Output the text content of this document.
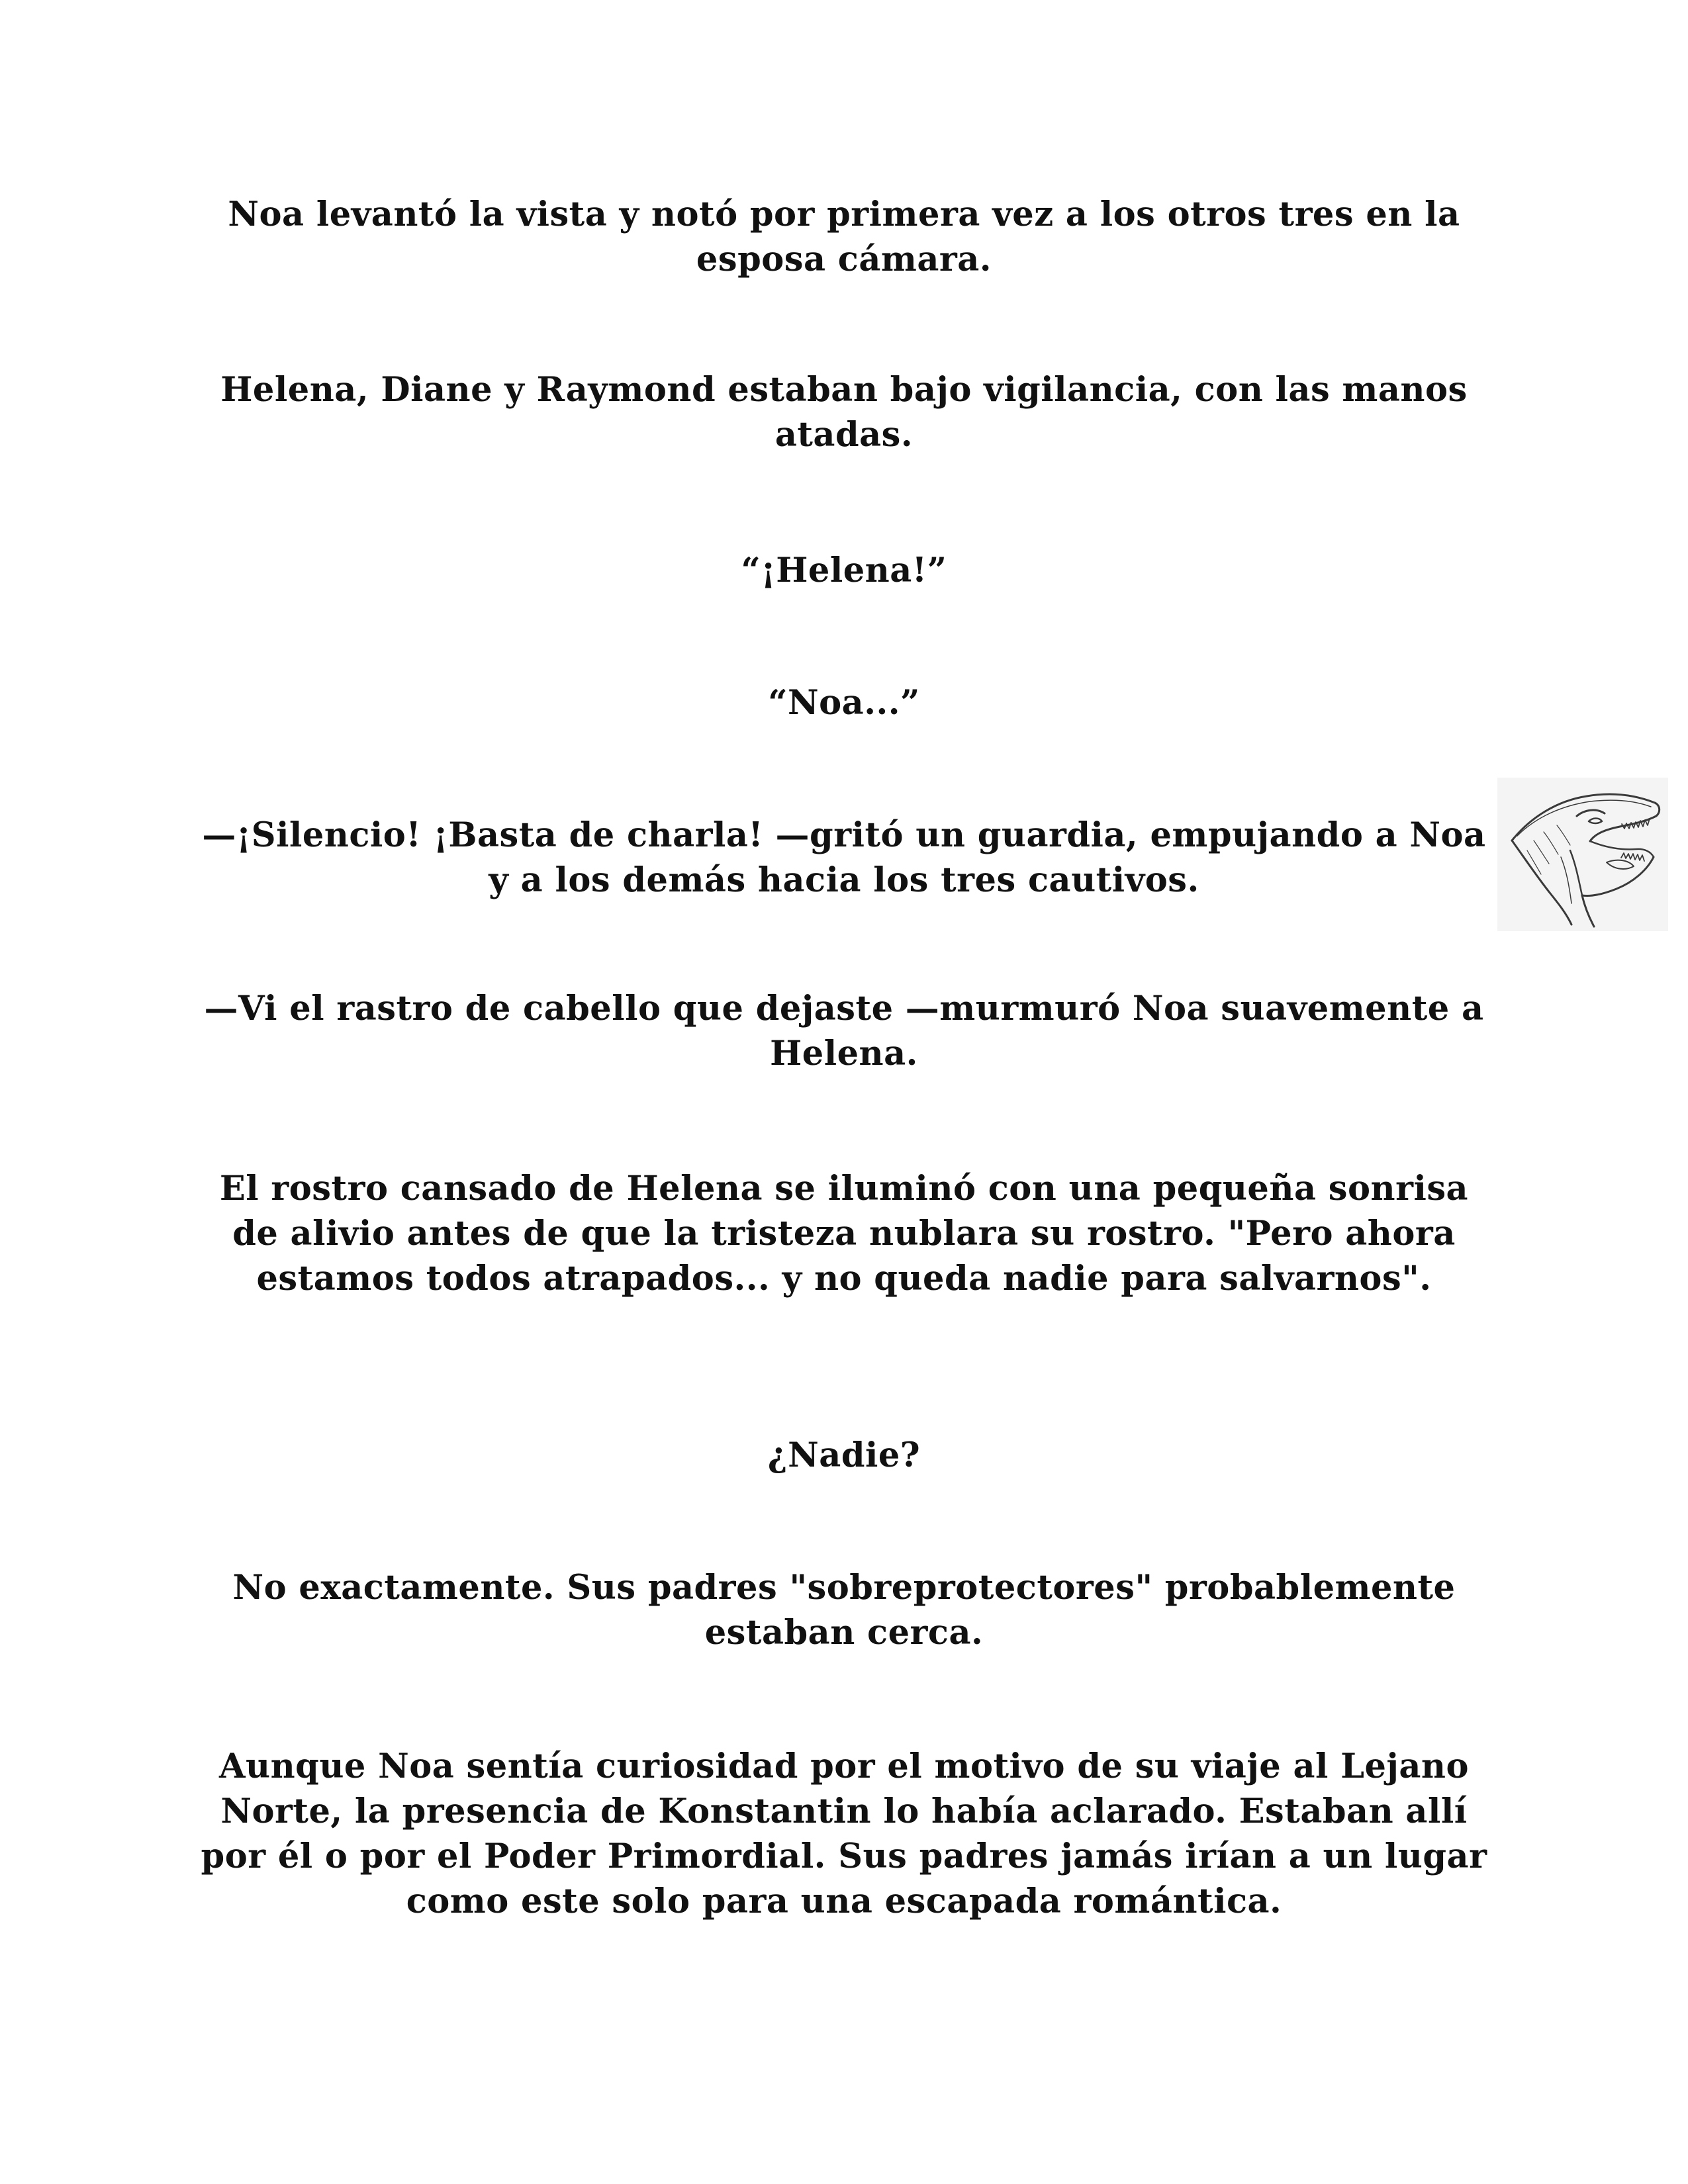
Noa levantó la vista y notó por primera vez a los otros tres en la esposa cámara.

Helena, Diane y Raymond estaban bajo vigilancia, con las manos atadas.

“¡Helena!”

“Noa...”

—¡Silencio! ¡Basta de charla! —gritó un guardia, empujando a Noa y a los demás hacia los tres cautivos.

—Vi el rastro de cabello que dejaste —murmuró Noa suavemente a Helena.

El rostro cansado de Helena se iluminó con una pequeña sonrisa de alivio antes de que la tristeza nublara su rostro. "Pero ahora estamos todos atrapados... y no queda nadie para salvarnos".

¿Nadie?

No exactamente. Sus padres "sobreprotectores" probablemente estaban cerca.

Aunque Noa sentía curiosidad por el motivo de su viaje al Lejano Norte, la presencia de Konstantin lo había aclarado. Estaban allí por él o por el Poder Primordial. Sus padres jamás irían a un lugar como este solo para una escapada romántica.
